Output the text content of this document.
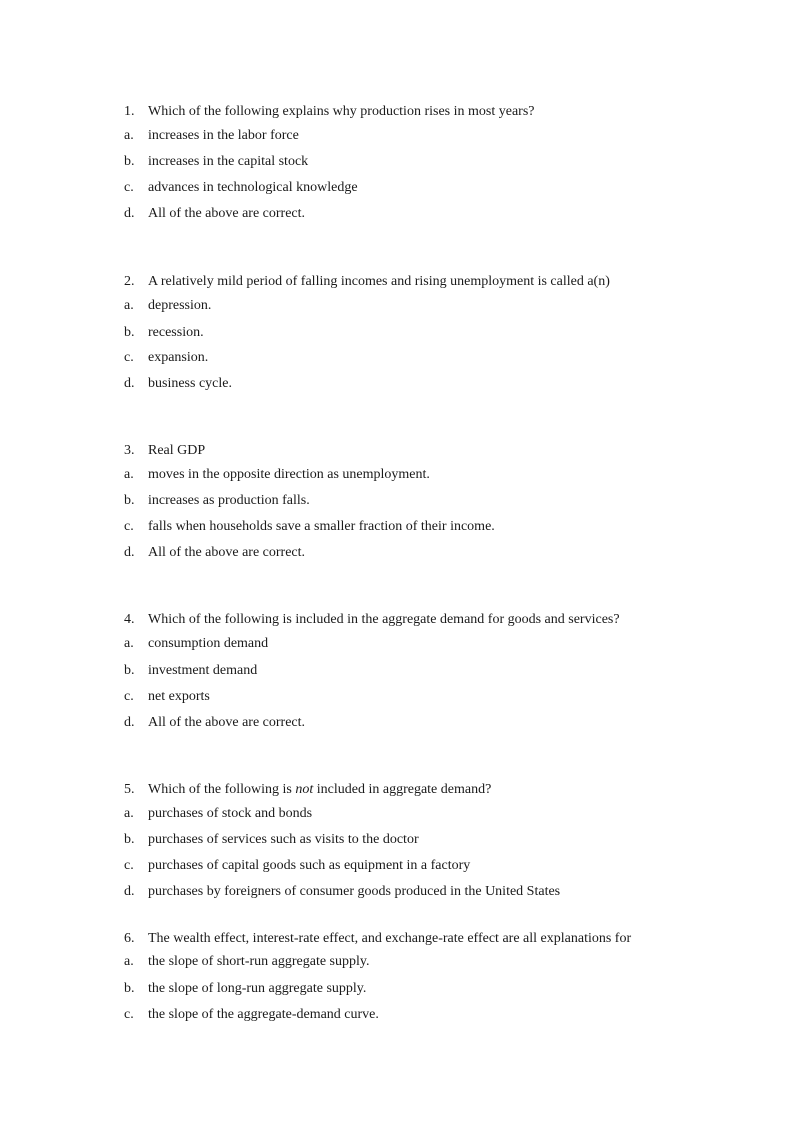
1. Which of the following explains why production rises in most years?
a.	increases in the labor force
b. increases in the capital stock
c.	advances in technological knowledge
d. All of the above are correct.
2. A relatively mild period of falling incomes and rising unemployment is called a(n)
a.	depression.
b. recession.
c.	expansion.
d. business cycle.
3. Real GDP
a.	moves in the opposite direction as unemployment.
b. increases as production falls.
c.	falls when households save a smaller fraction of their income.
d. All of the above are correct.
4. Which of the following is included in the aggregate demand for goods and services?
a.	consumption demand
b. investment demand
c.	net exports
d. All of the above are correct.
5. Which of the following is not included in aggregate demand?
a.	purchases of stock and bonds
b. purchases of services such as visits to the doctor
c.	purchases of capital goods such as equipment in a factory
d. purchases by foreigners of consumer goods produced in the United States
6. The wealth effect, interest-rate effect, and exchange-rate effect are all explanations for
a.	the slope of short-run aggregate supply.
b. the slope of long-run aggregate supply.
c.	the slope of the aggregate-demand curve.
